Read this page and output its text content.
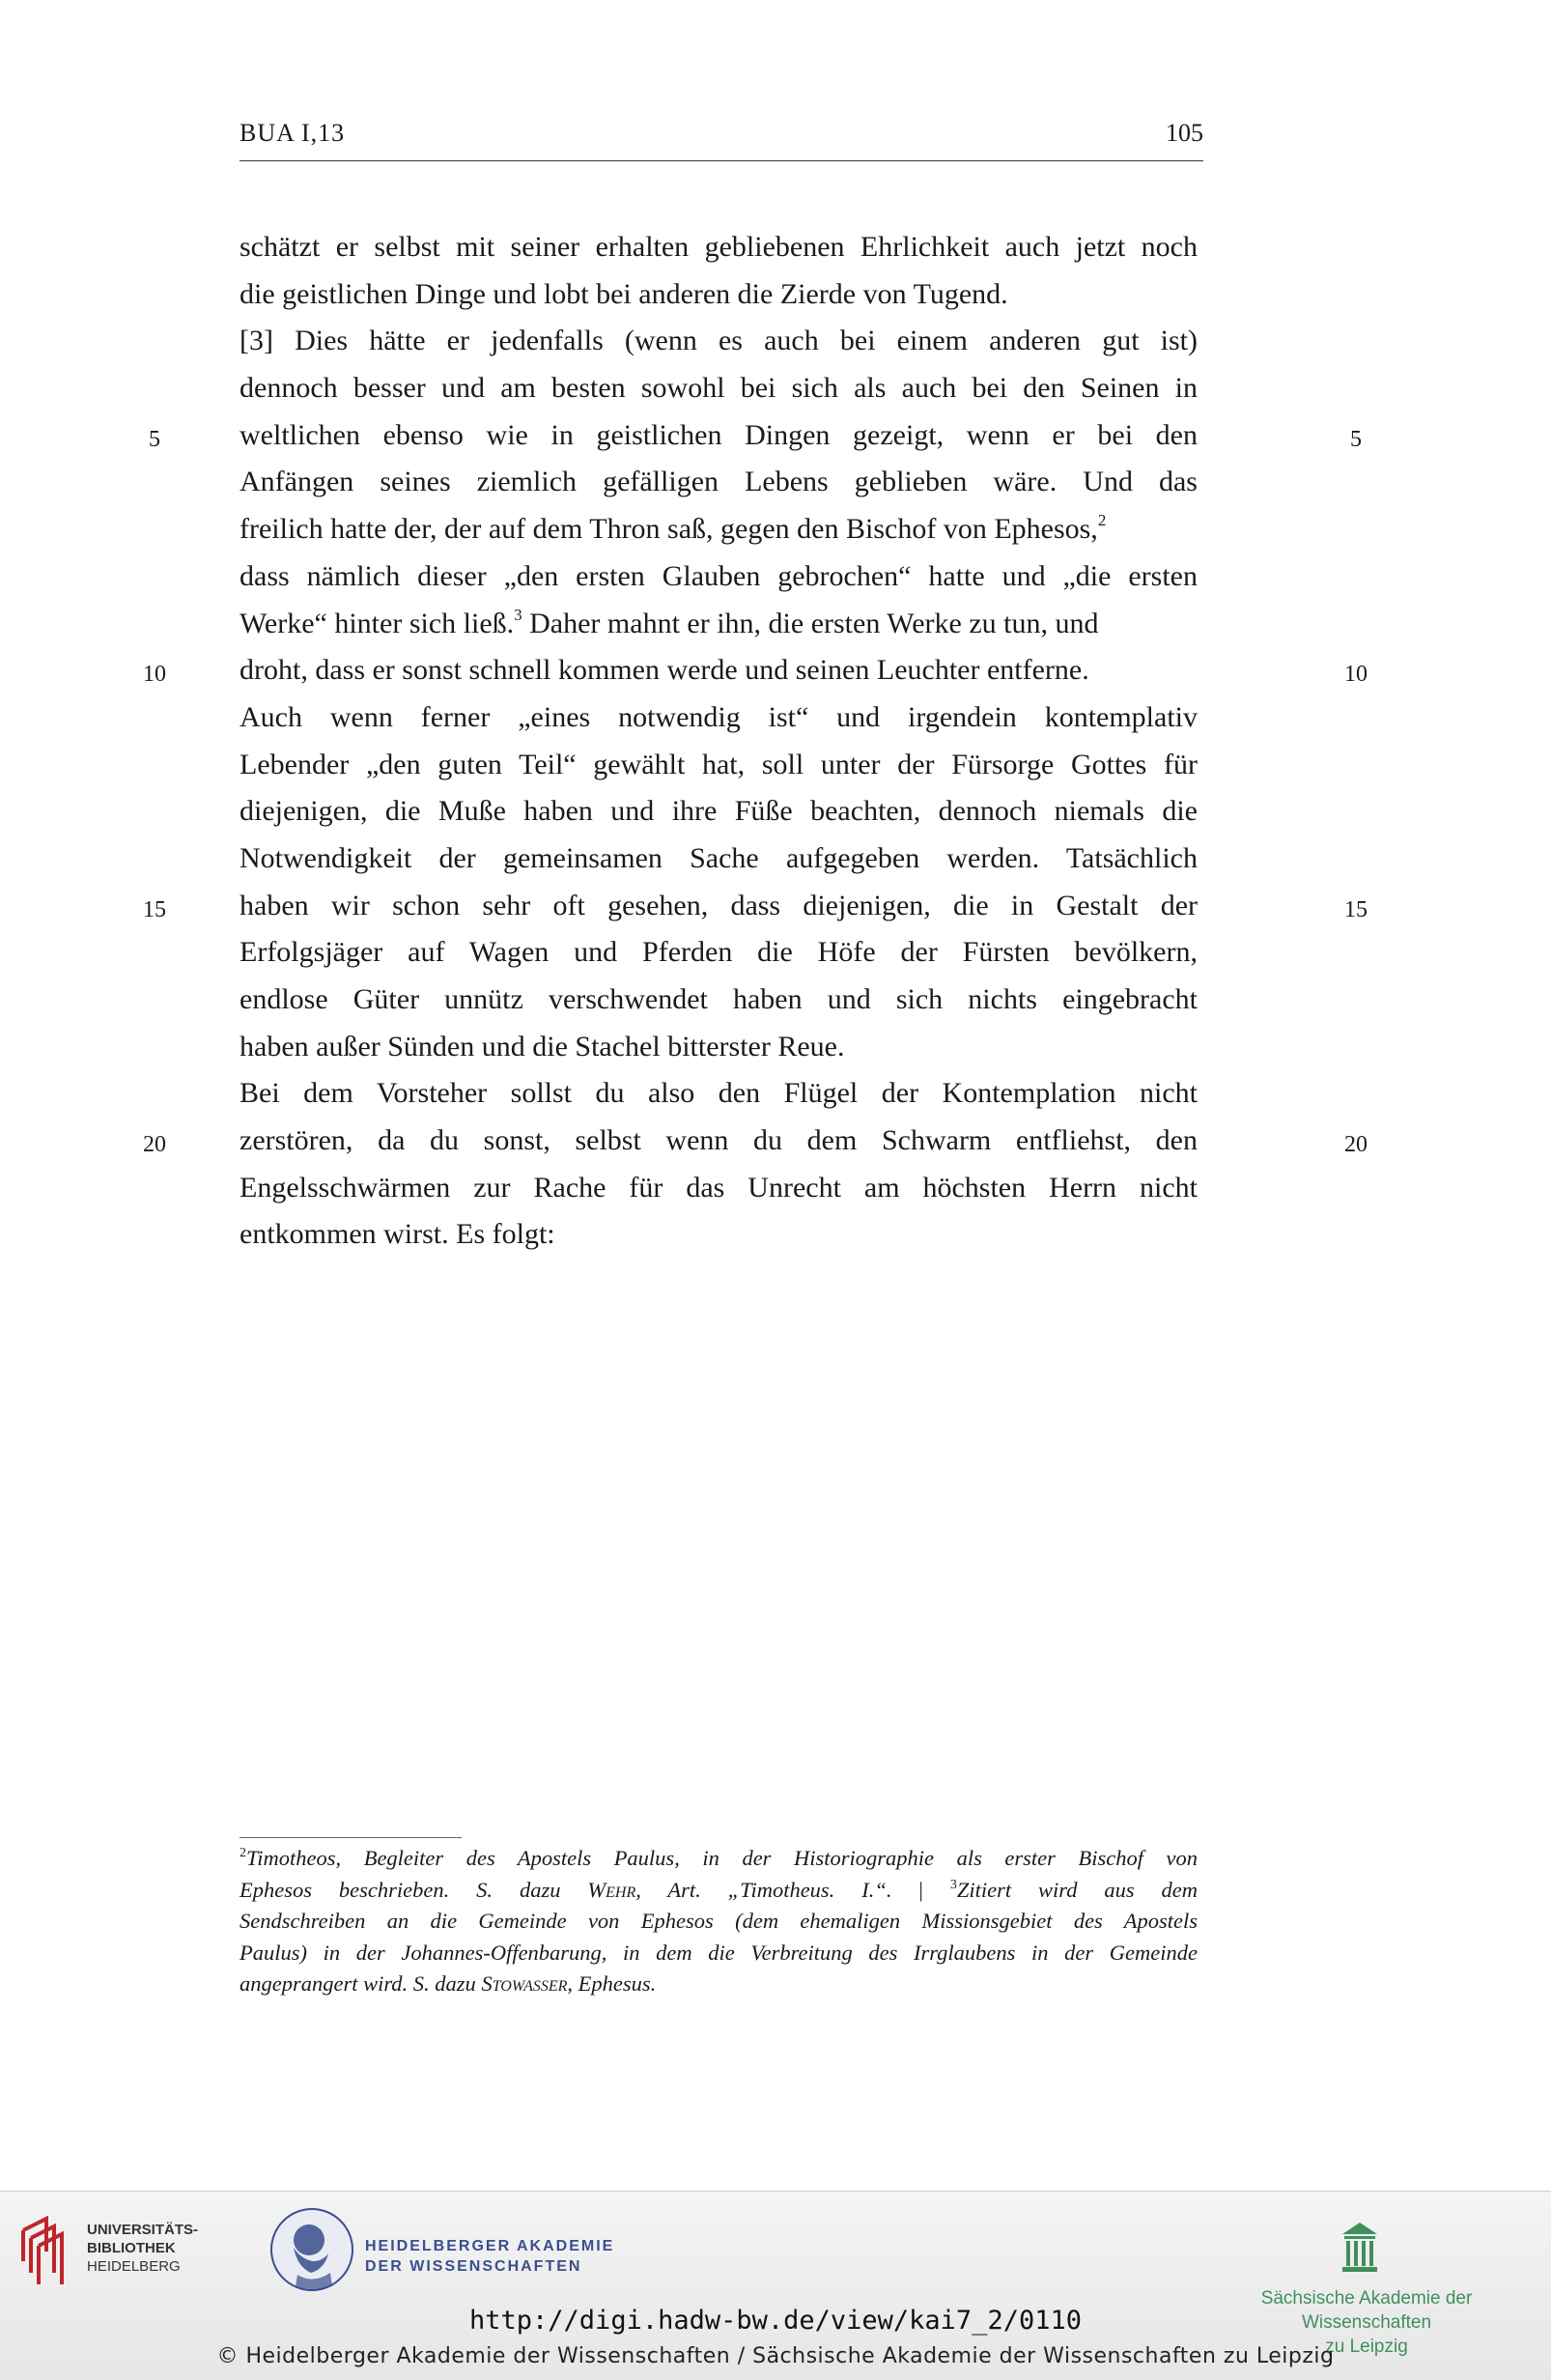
BUA I,13	105
5	5
10	10
15	15
20	20
schätzt er selbst mit seiner erhalten gebliebenen Ehrlichkeit auch jetzt noch
die geistlichen Dinge und lobt bei anderen die Zierde von Tugend.
[3] Dies hätte er jedenfalls (wenn es auch bei einem anderen gut ist)
dennoch besser und am besten sowohl bei sich als auch bei den Seinen in
weltlichen ebenso wie in geistlichen Dingen gezeigt, wenn er bei den
Anfängen seines ziemlich gefälligen Lebens geblieben wäre. Und das
freilich hatte der, der auf dem Thron saß, gegen den Bischof von Ephesos,$^2$
dass nämlich dieser „den ersten Glauben gebrochen“ hatte und „die ersten
Werke“ hinter sich ließ.$^3$ Daher mahnt er ihn, die ersten Werke zu tun, und
droht, dass er sonst schnell kommen werde und seinen Leuchter entferne.
Auch wenn ferner „eines notwendig ist“ und irgendein kontemplativ
Lebender „den guten Teil“ gewählt hat, soll unter der Fürsorge Gottes für
diejenigen, die Muße haben und ihre Füße beachten, dennoch niemals die
Notwendigkeit der gemeinsamen Sache aufgegeben werden. Tatsächlich
haben wir schon sehr oft gesehen, dass diejenigen, die in Gestalt der
Erfolgsjäger auf Wagen und Pferden die Höfe der Fürsten bevölkern,
endlose Güter unnütz verschwendet haben und sich nichts eingebracht
haben außer Sünden und die Stachel bitterster Reue.
Bei dem Vorsteher sollst du also den Flügel der Kontemplation nicht
zerstören, da du sonst, selbst wenn du dem Schwarm entfliehst, den
Engelsschwärmen zur Rache für das Unrecht am höchsten Herrn nicht
entkommen wirst. Es folgt:
$^2$Timotheos, Begleiter des Apostels Paulus, in der Historiographie als erster Bischof von
Ephesos beschrieben. S. dazu Wehr, Art. „Timotheus. I.“. | $^3$Zitiert wird aus dem
Sendschreiben an die Gemeinde von Ephesos (dem ehemaligen Missionsgebiet des Apostels
Paulus) in der Johannes-Offenbarung, in dem die Verbreitung des Irrglaubens in der Gemeinde
angeprangert wird. S. dazu Stowasser, Ephesus.
UNIVERSITÄTS-
BIBLIOTHEK
HEIDELBERG
HEIDELBERGER AKADEMIE
DER WISSENSCHAFTEN
Sächsische Akademie der Wissenschaften
zu Leipzig
http://digi.hadw-bw.de/view/kai7_2/0110
© Heidelberger Akademie der Wissenschaften / Sächsische Akademie der Wissenschaften zu Leipzig
